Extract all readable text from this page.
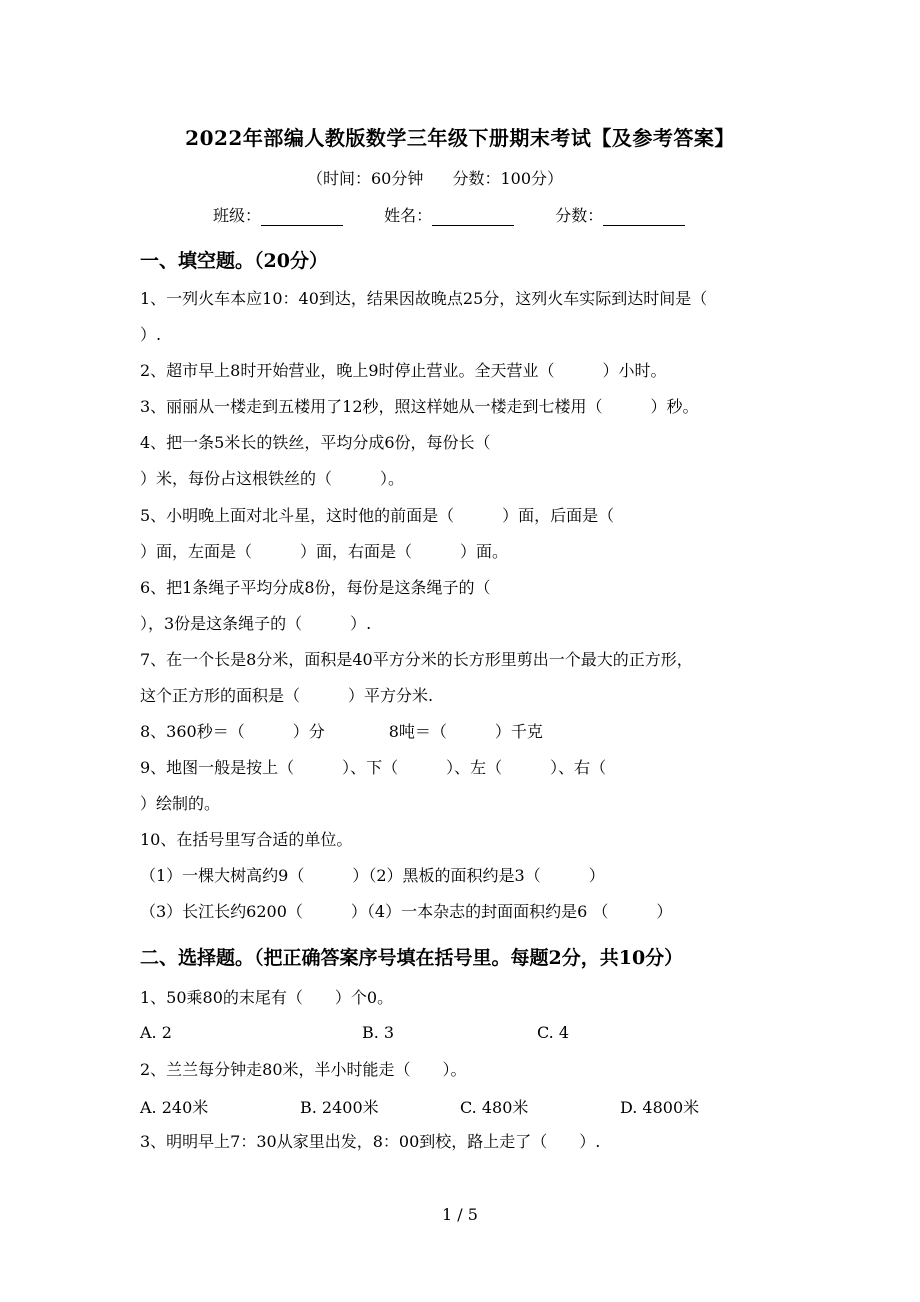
2022年部编人教版数学三年级下册期末考试【及参考答案】
（时间：60分钟 分数：100分）
班级：	姓名：	分数：
一、填空题。（20分）
1、一列火车本应10：40到达，结果因故晚点25分，这列火车实际到达时间是（
）.
2、超市早上8时开始营业，晚上9时停止营业。全天营业（　　　）小时。
3、丽丽从一楼走到五楼用了12秒，照这样她从一楼走到七楼用（　　　）秒。
4、把一条5米长的铁丝，平均分成6份，每份长（
）米，每份占这根铁丝的（　　　）。
5、小明晚上面对北斗星，这时他的前面是（　　　）面，后面是（
）面，左面是（　　　）面，右面是（　　　）面。
6、把1条绳子平均分成8份，每份是这条绳子的（
），3份是这条绳子的（　　　）.
7、在一个长是8分米，面积是40平方分米的长方形里剪出一个最大的正方形，
这个正方形的面积是（　　　）平方分米.
8、360秒＝（　　　）分　　　　8吨＝（　　　）千克
9、地图一般是按上（　　　）、下（　　　）、左（　　　）、右（
）绘制的。
10、在括号里写合适的单位。
（1）一棵大树高约9（　　　）（2）黑板的面积约是3（　　　）
（3）长江长约6200（　　　）（4）一本杂志的封面面积约是6 （　　　）
二、选择题。（把正确答案序号填在括号里。每题2分，共10分）
1、50乘80的末尾有（　　）个0。
A. 2	B. 3	C. 4
2、兰兰每分钟走80米，半小时能走（　　）。
A. 240米	B. 2400米	C. 480米	D. 4800米
3、明明早上7：30从家里出发，8：00到校，路上走了（　　）.
1 / 5
